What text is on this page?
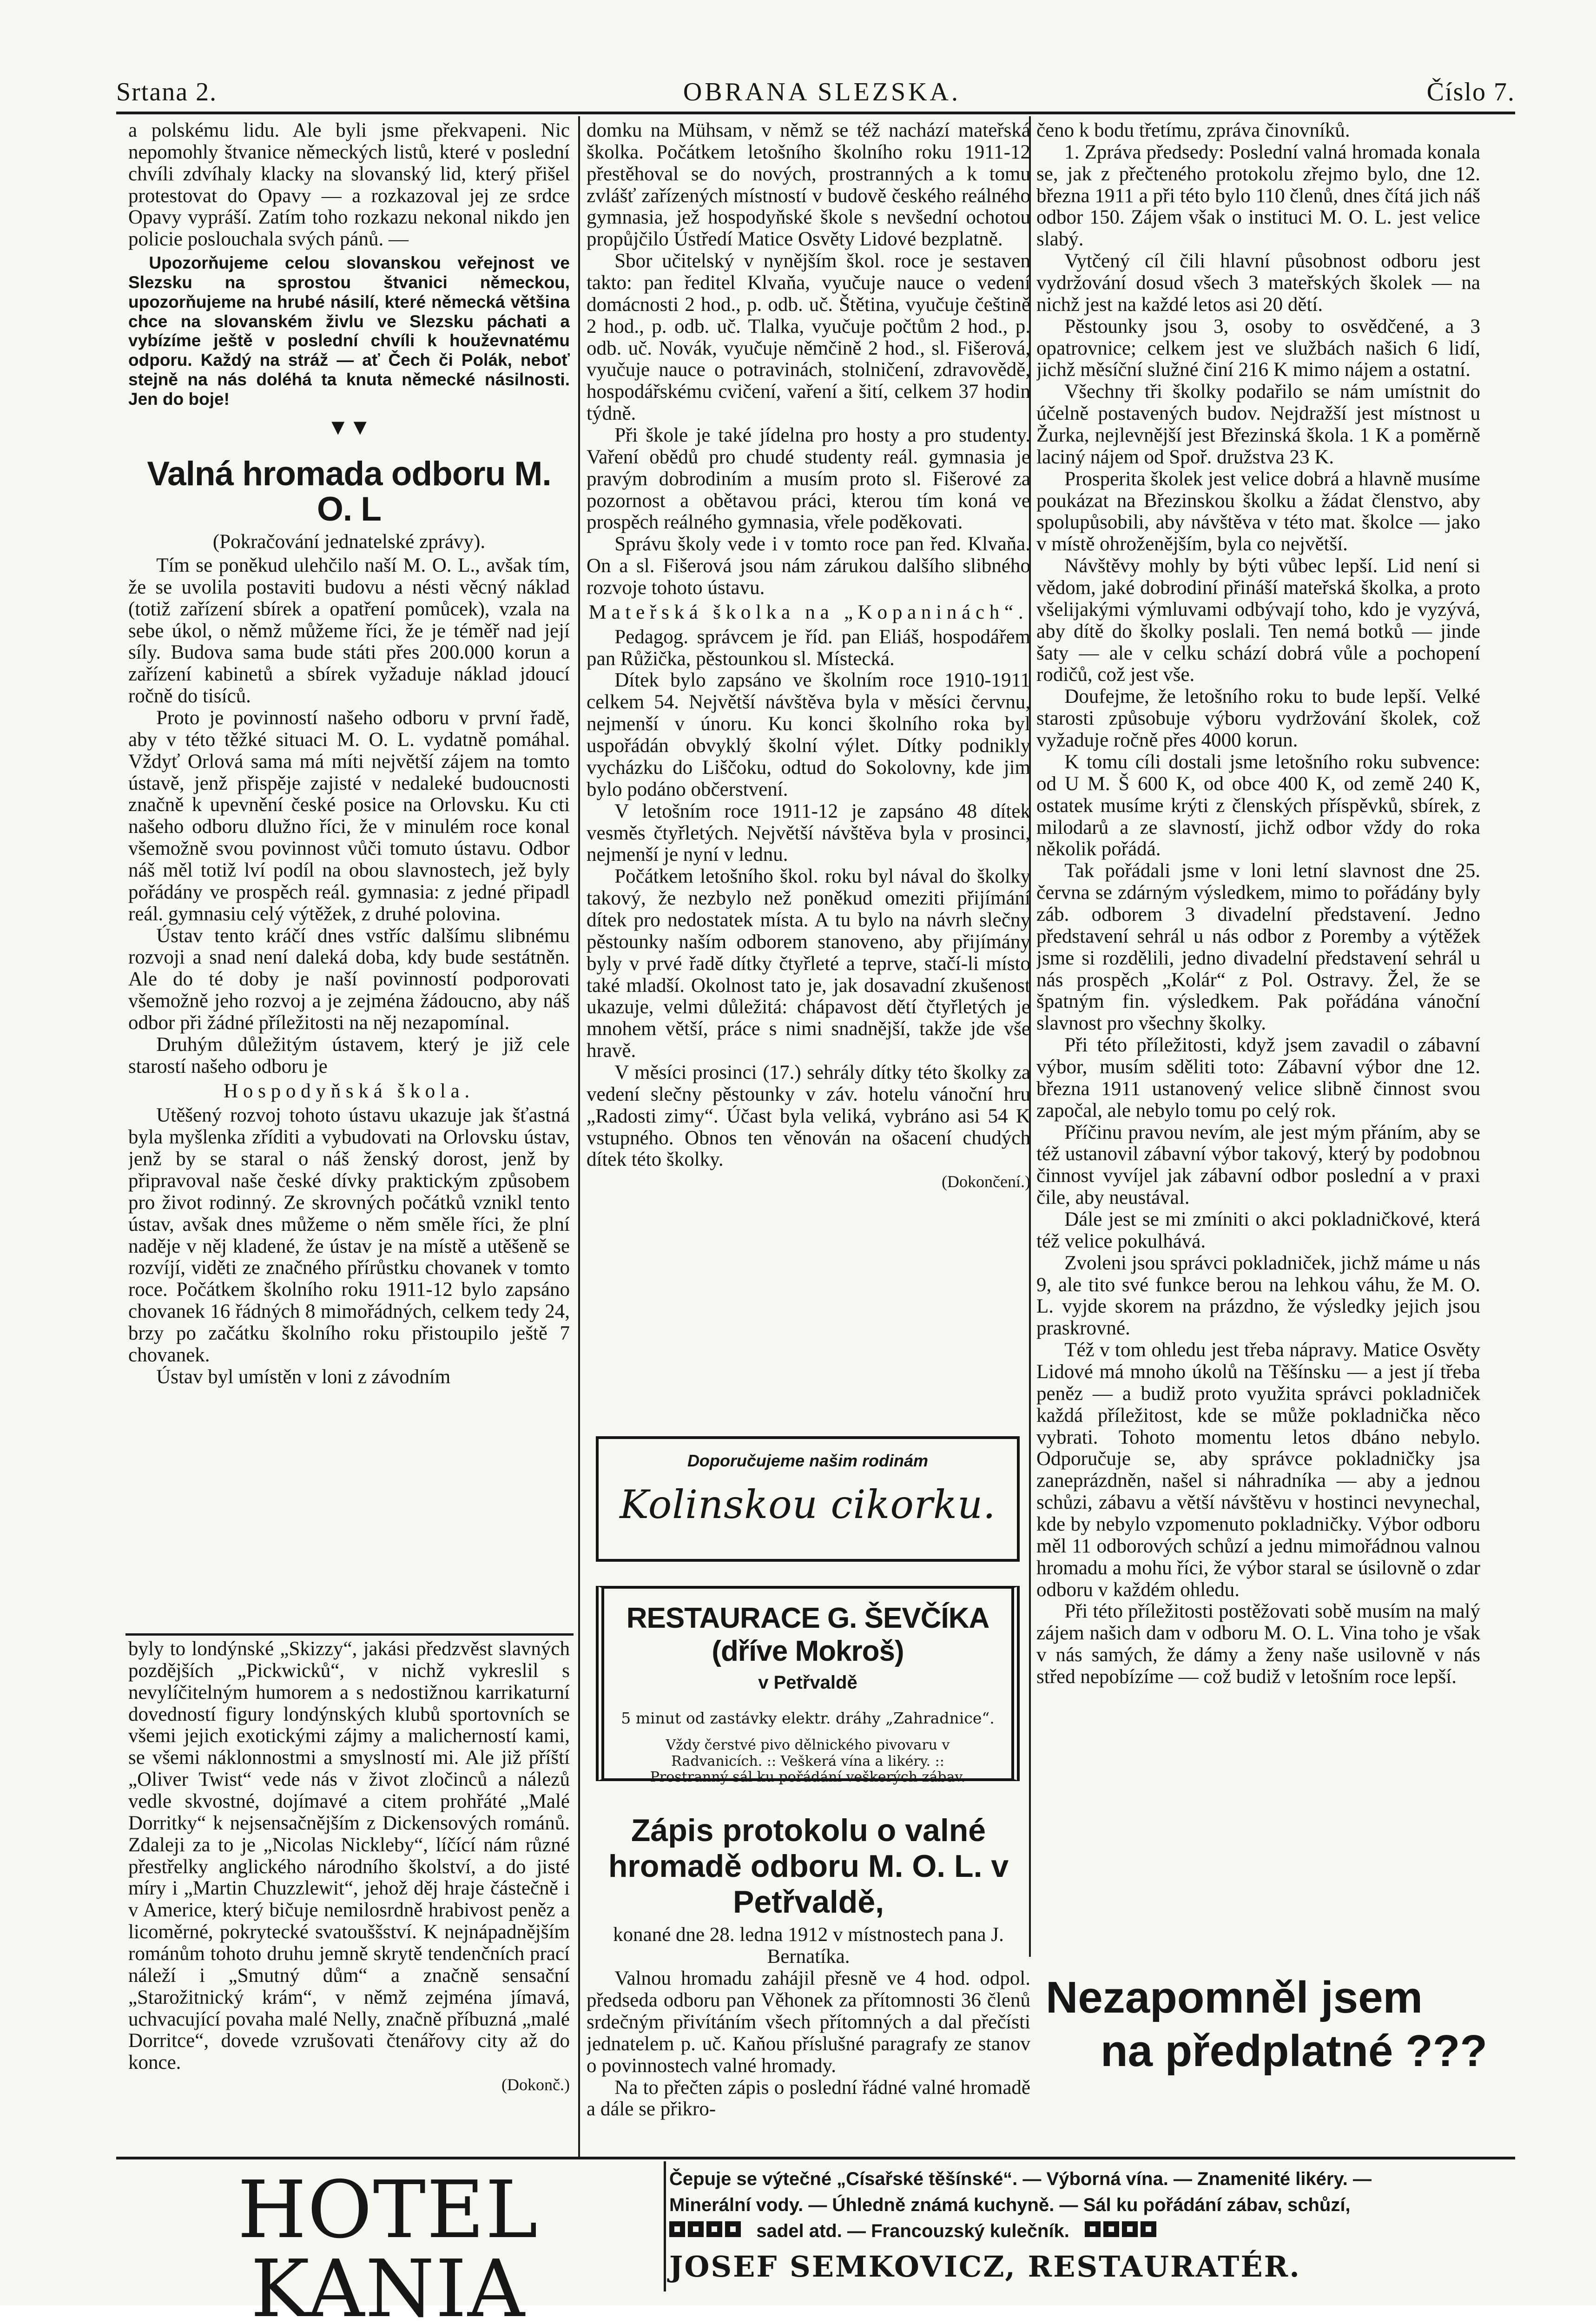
Srtana 2.	OBRANA SLEZSKA.	Číslo 7.

a polskému lidu. Ale byli jsme překvapeni. Nic nepomohly štvanice německých listů, které v poslední chvíli zdvíhaly klacky na slovanský lid, který přišel protestovat do Opavy — a rozkazoval jej ze srdce Opavy vypráší. Zatím toho rozkazu nekonal nikdo jen policie poslouchala svých pánů. —

Upozorňujeme celou slovanskou veřejnost ve Slezsku na sprostou štvanici německou, upozorňujeme na hrubé násilí, které německá většina chce na slovanském živlu ve Slezsku páchati a vybízíme ještě v poslední chvíli k houževnatému odporu. Každý na stráž — ať Čech či Polák, neboť stejně na nás doléhá ta knuta německé násilnosti. Jen do boje!

▼▼
Valná hromada odboru M. O. L
(Pokračování jednatelské zprávy).

Tím se poněkud ulehčilo naší M. O. L., avšak tím, že se uvolila postaviti budovu a nésti věcný náklad (totiž zařízení sbírek a opatření pomůcek), vzala na sebe úkol, o němž můžeme říci, že je téměř nad její síly. Budova sama bude státi přes 200.000 korun a zařízení kabinetů a sbírek vyžaduje náklad jdoucí ročně do tisíců.

Proto je povinností našeho odboru v první řadě, aby v této těžké situaci M. O. L. vydatně pomáhal. Vždyť Orlová sama má míti největší zájem na tomto ústavě, jenž přispěje zajisté v nedaleké budoucnosti značně k upevnění české posice na Orlovsku. Ku cti našeho odboru dlužno říci, že v minulém roce konal všemožně svou povinnost vůči tomuto ústavu. Odbor náš měl totiž lví podíl na obou slavnostech, jež byly pořádány ve prospěch reál. gymnasia: z jedné připadl reál. gymnasiu celý výtěžek, z druhé polovina.

Ústav tento kráčí dnes vstříc dalšímu slibnému rozvoji a snad není daleká doba, kdy bude sestátněn. Ale do té doby je naší povinností podporovati všemožně jeho rozvoj a je zejména žádoucno, aby náš odbor při žádné příležitosti na něj nezapomínal.

Druhým důležitým ústavem, který je již cele starostí našeho odboru je

Hospodyňská škola.

Utěšený rozvoj tohoto ústavu ukazuje jak šťastná byla myšlenka zříditi a vybudovati na Orlovsku ústav, jenž by se staral o náš ženský dorost, jenž by připravoval naše české dívky praktickým způsobem pro život rodinný. Ze skrovných počátků vznikl tento ústav, avšak dnes můžeme o něm směle říci, že plní naděje v něj kladené, že ústav je na místě a utěšeně se rozvíjí, viděti ze značného přírůstku chovanek v tomto roce. Počátkem školního roku 1911-12 bylo zapsáno chovanek 16 řádných 8 mimořádných, celkem tedy 24, brzy po začátku školního roku přistoupilo ještě 7 chovanek.

Ústav byl umístěn v loni z závodním

byly to londýnské „Skizzy“, jakási předzvěst slavných pozdějších „Pickwicků“, v nichž vykreslil s nevylíčitelným humorem a s nedostižnou karrikaturní dovedností figury londýnských klubů sportovních se všemi jejich exotickými zájmy a malicherností kami, se všemi náklonnostmi a smyslností mi. Ale již příští „Oliver Twist“ vede nás v život zločinců a nálezů vedle skvostné, dojímavé a citem prohřáté „Malé Dorritky“ k nejsensačnějším z Dickensových románů. Zdaleji za to je „Nicolas Nickleby“, líčící nám různé přestřelky anglického národního školství, a do jisté míry i „Martin Chuzzlewit“, jehož děj hraje částečně i v Americe, který bičuje nemilosrdně hrabivost peněz a licoměrné, pokrytecké svatouššství. K nejnápadnějším románům tohoto druhu jemně skrytě tendenčních prací náleží i „Smutný dům“ a značně sensační „Starožitnický krám“, v němž zejména jímavá, uchvacující povaha malé Nelly, značně příbuzná „malé Dorritce“, dovede vzrušovati čtenářovy city až do konce.

(Dokonč.)

domku na Mühsam, v němž se též nachází mateřská školka. Počátkem letošního školního roku 1911-12 přestěhoval se do nových, prostranných a k tomu zvlášť zařízených místností v budově českého reálného gymnasia, jež hospodyňské škole s nevšední ochotou propůjčilo Ústředí Matice Osvěty Lidové bezplatně.

Sbor učitelský v nynějším škol. roce je sestaven takto: pan ředitel Klvaňa, vyučuje nauce o vedení domácnosti 2 hod., p. odb. uč. Štětina, vyučuje češtině 2 hod., p. odb. uč. Tlalka, vyučuje počtům 2 hod., p. odb. uč. Novák, vyučuje němčině 2 hod., sl. Fišerová, vyučuje nauce o potravinách, stolničení, zdravovědě, hospodářskému cvičení, vaření a šití, celkem 37 hodin týdně.

Při škole je také jídelna pro hosty a pro studenty. Vaření obědů pro chudé studenty reál. gymnasia je pravým dobrodiním a musím proto sl. Fišerové za pozornost a obětavou práci, kterou tím koná ve prospěch reálného gymnasia, vřele poděkovati.

Správu školy vede i v tomto roce pan řed. Klvaňa. On a sl. Fišerová jsou nám zárukou dalšího slibného rozvoje tohoto ústavu.

Mateřská školka na „Kopaninách“.

Pedagog. správcem je říd. pan Eliáš, hospodářem pan Růžička, pěstounkou sl. Místecká.

Dítek bylo zapsáno ve školním roce 1910-1911 celkem 54. Největší návštěva byla v měsíci červnu, nejmenší v únoru. Ku konci školního roka byl uspořádán obvyklý školní výlet. Dítky podnikly vycházku do Liščoku, odtud do Sokolovny, kde jim bylo podáno občerstvení.

V letošním roce 1911-12 je zapsáno 48 dítek vesměs čtyřletých. Největší návštěva byla v prosinci, nejmenší je nyní v lednu.

Počátkem letošního škol. roku byl nával do školky takový, že nezbylo než poněkud omeziti přijímání dítek pro nedostatek místa. A tu bylo na návrh slečny pěstounky naším odborem stanoveno, aby přijímány byly v prvé řadě dítky čtyřleté a teprve, stačí-li místo také mladší. Okolnost tato je, jak dosavadní zkušenost ukazuje, velmi důležitá: chápavost dětí čtyřletých je mnohem větší, práce s nimi snadnější, takže jde vše hravě.

V měsíci prosinci (17.) sehrály dítky této školky za vedení slečny pěstounky v záv. hotelu vánoční hru „Radosti zimy“. Účast byla veliká, vybráno asi 54 K vstupného. Obnos ten věnován na ošacení chudých dítek této školky.

(Dokončení.)
Doporučujeme našim rodinám
Kolinskou cikorku.
RESTAURACE G. ŠEVČÍKA (dříve Mokroš)
v Petřvaldě
5 minut od zastávky elektr. dráhy „Zahradnice“.
Vždy čerstvé pivo dělnického pivovaru v Radvanicích. :: Veškerá vína a likéry. :: Prostranný sál ku pořádání veškerých zábav.
Zápis protokolu o valné hromadě odboru M. O. L. v Petřvaldě,
konané dne 28. ledna 1912 v místnostech pana J. Bernatíka.

Valnou hromadu zahájil přesně ve 4 hod. odpol. předseda odboru pan Věhonek za přítomnosti 36 členů srdečným přivítáním všech přítomných a dal přečísti jednatelem p. uč. Kaňou příslušné paragrafy ze stanov o povinnostech valné hromady.

Na to přečten zápis o poslední řádné valné hromadě a dále se přikro-

čeno k bodu třetímu, zpráva činovníků.

1. Zpráva předsedy: Poslední valná hromada konala se, jak z přečteného protokolu zřejmo bylo, dne 12. března 1911 a při této bylo 110 členů, dnes čítá jich náš odbor 150. Zájem však o instituci M. O. L. jest velice slabý.

Vytčený cíl čili hlavní působnost odboru jest vydržování dosud všech 3 mateřských školek — na nichž jest na každé letos asi 20 dětí.

Pěstounky jsou 3, osoby to osvědčené, a 3 opatrovnice; celkem jest ve službách našich 6 lidí, jichž měsíční služné činí 216 K mimo nájem a ostatní.

Všechny tři školky podařilo se nám umístnit do účelně postavených budov. Nejdražší jest místnost u Žurka, nejlevnější jest Březinská škola. 1 K a poměrně laciný nájem od Spoř. družstva 23 K.

Prosperita školek jest velice dobrá a hlavně musíme poukázat na Březinskou školku a žádat členstvo, aby spolupůsobili, aby návštěva v této mat. školce — jako v místě ohroženějším, byla co největší.

Návštěvy mohly by býti vůbec lepší. Lid není si vědom, jaké dobrodiní přináší mateřská školka, a proto všelijakými výmluvami odbývají toho, kdo je vyzývá, aby dítě do školky poslali. Ten nemá botků — jinde šaty — ale v celku schází dobrá vůle a pochopení rodičů, což jest vše.

Doufejme, že letošního roku to bude lepší. Velké starosti způsobuje výboru vydržování školek, což vyžaduje ročně přes 4000 korun.

K tomu cíli dostali jsme letošního roku subvence: od U M. Š 600 K, od obce 400 K, od země 240 K, ostatek musíme krýti z členských příspěvků, sbírek, z milodarů a ze slavností, jichž odbor vždy do roka několik pořádá.

Tak pořádali jsme v loni letní slavnost dne 25. června se zdárným výsledkem, mimo to pořádány byly záb. odborem 3 divadelní představení. Jedno představení sehrál u nás odbor z Poremby a výtěžek jsme si rozdělili, jedno divadelní představení sehrál u nás prospěch „Kolár“ z Pol. Ostravy. Žel, že se špatným fin. výsledkem. Pak pořádána vánoční slavnost pro všechny školky.

Při této příležitosti, když jsem zavadil o zábavní výbor, musím sděliti toto: Zábavní výbor dne 12. března 1911 ustanovený velice slibně činnost svou započal, ale nebylo tomu po celý rok.

Příčinu pravou nevím, ale jest mým přáním, aby se též ustanovil zábavní výbor takový, který by podobnou činnost vyvíjel jak zábavní odbor poslední a v praxi čile, aby neustával.

Dále jest se mi zmíniti o akci pokladničkové, která též velice pokulhává.

Zvoleni jsou správci pokladniček, jichž máme u nás 9, ale tito své funkce berou na lehkou váhu, že M. O. L. vyjde skorem na prázdno, že výsledky jejich jsou praskrovné.

Též v tom ohledu jest třeba nápravy. Matice Osvěty Lidové má mnoho úkolů na Těšínsku — a jest jí třeba peněz — a budiž proto využita správci pokladniček každá příležitost, kde se může pokladnička něco vybrati. Tohoto momentu letos dbáno nebylo. Odporučuje se, aby správce pokladničky jsa zaneprázdněn, našel si náhradníka — aby a jednou schůzi, zábavu a větší návštěvu v hostinci nevynechal, kde by nebylo vzpomenuto pokladničky. Výbor odboru měl 11 odborových schůzí a jednu mimořádnou valnou hromadu a mohu říci, že výbor staral se úsilovně o zdar odboru v každém ohledu.

Při této příležitosti postěžovati sobě musím na malý zájem našich dam v odboru M. O. L. Vina toho je však v nás samých, že dámy a ženy naše usilovně v nás střed nepobízíme — což budiž v letošním roce lepší.

Nezapomněl jsem
na předplatné ???
HOTEL KANIA
Čepuje se výtečné „Císařské těšínské“. — Výborná vína. — Znamenité likéry. —
Minerální vody. — Úhledně známá kuchyně. — Sál ku pořádání zábav, schůzí,
sadel atd. — Francouzský kulečník.
JOSEF SEMKOVICZ, RESTAURATÉR.
